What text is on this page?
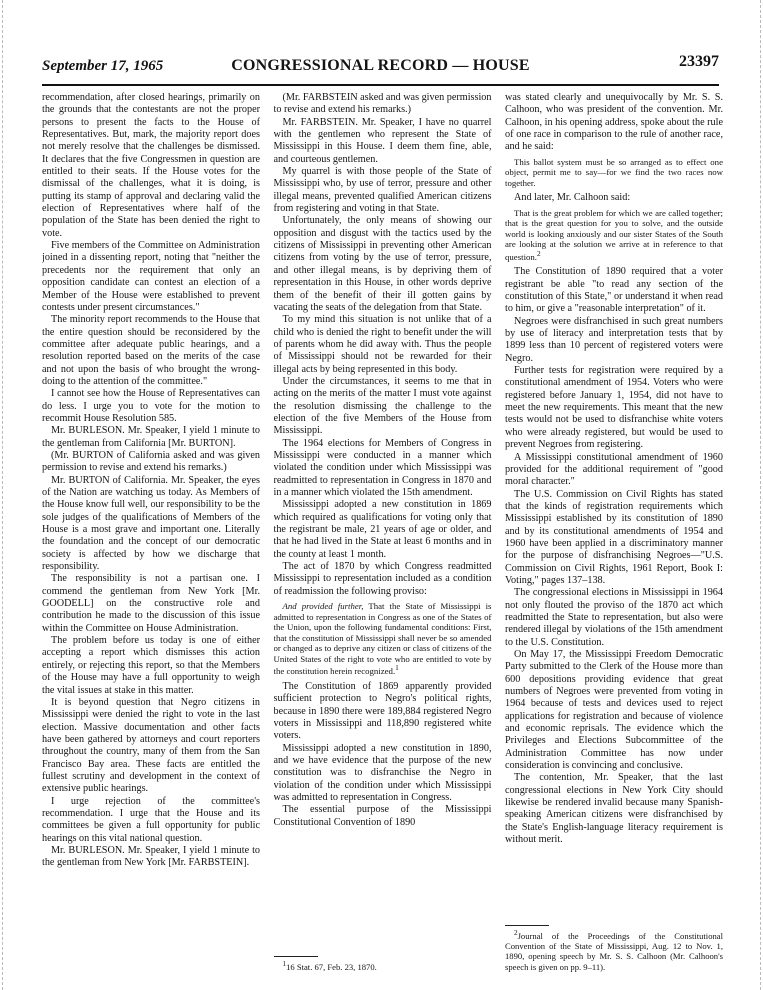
September 17, 1965	CONGRESSIONAL RECORD — HOUSE	23397

recommendation, after closed hearings, primarily on the grounds that the contestants are not the proper persons to present the facts to the House of Representatives. But, mark, the majority report does not merely resolve that the challenges be dismissed. It declares that the five Congressmen in question are entitled to their seats. If the House votes for the dismissal of the challenges, what it is doing, is putting its stamp of approval and declaring valid the election of Representatives where half of the population of the State has been denied the right to vote.

Five members of the Committee on Administration joined in a dissenting report, noting that "neither the precedents nor the requirement that only an opposition candidate can contest an election of a Member of the House were established to prevent contests under present circumstances."

The minority report recommends to the House that the entire question should be reconsidered by the committee after adequate public hearings, and a resolution reported based on the merits of the case and not upon the basis of who brought the wrong-doing to the attention of the committee."

I cannot see how the House of Representatives can do less. I urge you to vote for the motion to recommit House Resolution 585.

Mr. BURLESON. Mr. Speaker, I yield 1 minute to the gentleman from California [Mr. BURTON].

(Mr. BURTON of California asked and was given permission to revise and extend his remarks.)

Mr. BURTON of California. Mr. Speaker, the eyes of the Nation are watching us today. As Members of the House know full well, our responsibility to be the sole judges of the qualifications of Members of the House is a most grave and important one. Literally the foundation and the concept of our democratic society is affected by how we discharge that responsibility.

The responsibility is not a partisan one. I commend the gentleman from New York [Mr. GOODELL] on the constructive role and contribution he made to the discussion of this issue within the Committee on House Administration.

The problem before us today is one of either accepting a report which dismisses this action entirely, or rejecting this report, so that the Members of the House may have a full opportunity to weigh the vital issues at stake in this matter.

It is beyond question that Negro citizens in Mississippi were denied the right to vote in the last election. Massive documentation and other facts have been gathered by attorneys and court reporters throughout the country, many of them from the San Francisco Bay area. These facts are entitled the fullest scrutiny and development in the context of extensive public hearings.

I urge rejection of the committee's recommendation. I urge that the House and its committees be given a full opportunity for public hearings on this vital national question.

Mr. BURLESON. Mr. Speaker, I yield 1 minute to the gentleman from New York [Mr. FARBSTEIN].

(Mr. FARBSTEIN asked and was given permission to revise and extend his remarks.)

Mr. FARBSTEIN. Mr. Speaker, I have no quarrel with the gentlemen who represent the State of Mississippi in this House. I deem them fine, able, and courteous gentlemen.

My quarrel is with those people of the State of Mississippi who, by use of terror, pressure and other illegal means, prevented qualified American citizens from registering and voting in that State.

Unfortunately, the only means of showing our opposition and disgust with the tactics used by the citizens of Mississippi in preventing other American citizens from voting by the use of terror, pressure, and other illegal means, is by depriving them of representation in this House, in other words deprive them of the benefit of their ill gotten gains by vacating the seats of the delegation from that State.

To my mind this situation is not unlike that of a child who is denied the right to benefit under the will of parents whom he did away with. Thus the people of Mississippi should not be rewarded for their illegal acts by being represented in this body.

Under the circumstances, it seems to me that in acting on the merits of the matter I must vote against the resolution dismissing the challenge to the election of the five Members of the House from Mississippi.

The 1964 elections for Members of Congress in Mississippi were conducted in a manner which violated the condition under which Mississippi was readmitted to representation in Congress in 1870 and in a manner which violated the 15th amendment.

Mississippi adopted a new constitution in 1869 which required as qualifications for voting only that the registrant be male, 21 years of age or older, and that he had lived in the State at least 6 months and in the county at least 1 month.

The act of 1870 by which Congress readmitted Mississippi to representation included as a condition of readmission the following proviso:

And provided further, That the State of Mississippi is admitted to representation in Congress as one of the States of the Union, upon the following fundamental conditions: First, that the constitution of Mississippi shall never be so amended or changed as to deprive any citizen or class of citizens of the United States of the right to vote who are entitled to vote by the constitution herein recognized.$^1$

The Constitution of 1869 apparently provided sufficient protection to Negro's political rights, because in 1890 there were 189,884 registered Negro voters in Mississippi and 118,890 registered white voters.

Mississippi adopted a new constitution in 1890, and we have evidence that the purpose of the new constitution was to disfranchise the Negro in violation of the condition under which Mississippi was admitted to representation in Congress.

The essential purpose of the Mississippi Constitutional Convention of 1890

$^1$16 Stat. 67, Feb. 23, 1870.

was stated clearly and unequivocally by Mr. S. S. Calhoon, who was president of the convention. Mr. Calhoon, in his opening address, spoke about the rule of one race in comparison to the rule of another race, and he said:

This ballot system must be so arranged as to effect one object, permit me to say—for we find the two races now together.

And later, Mr. Calhoon said:

That is the great problem for which we are called together; that is the great question for you to solve, and the outside world is looking anxiously and our sister States of the South are looking at the solution we arrive at in reference to that question.$^2$

The Constitution of 1890 required that a voter registrant be able "to read any section of the constitution of this State," or understand it when read to him, or give a "reasonable interpretation" of it.

Negroes were disfranchised in such great numbers by use of literacy and interpretation tests that by 1899 less than 10 percent of registered voters were Negro.

Further tests for registration were required by a constitutional amendment of 1954. Voters who were registered before January 1, 1954, did not have to meet the new requirements. This meant that the new tests would not be used to disfranchise white voters who were already registered, but would be used to prevent Negroes from registering.

A Mississippi constitutional amendment of 1960 provided for the additional requirement of "good moral character."

The U.S. Commission on Civil Rights has stated that the kinds of registration requirements which Mississippi established by its constitution of 1890 and by its constitutional amendments of 1954 and 1960 have been applied in a discriminatory manner for the purpose of disfranchising Negroes—"U.S. Commission on Civil Rights, 1961 Report, Book I: Voting," pages 137–138.

The congressional elections in Mississippi in 1964 not only flouted the proviso of the 1870 act which readmitted the State to representation, but also were rendered illegal by violations of the 15th amendment to the U.S. Constitution.

On May 17, the Mississippi Freedom Democratic Party submitted to the Clerk of the House more than 600 depositions providing evidence that great numbers of Negroes were prevented from voting in 1964 because of tests and devices used to reject applications for registration and because of violence and economic reprisals. The evidence which the Privileges and Elections Subcommittee of the Administration Committee has now under consideration is convincing and conclusive.

The contention, Mr. Speaker, that the last congressional elections in New York City should likewise be rendered invalid because many Spanish-speaking American citizens were disfranchised by the State's English-language literacy requirement is without merit.

$^2$Journal of the Proceedings of the Constitutional Convention of the State of Mississippi, Aug. 12 to Nov. 1, 1890, opening speech by Mr. S. S. Calhoon (Mr. Calhoon's speech is given on pp. 9–11).
